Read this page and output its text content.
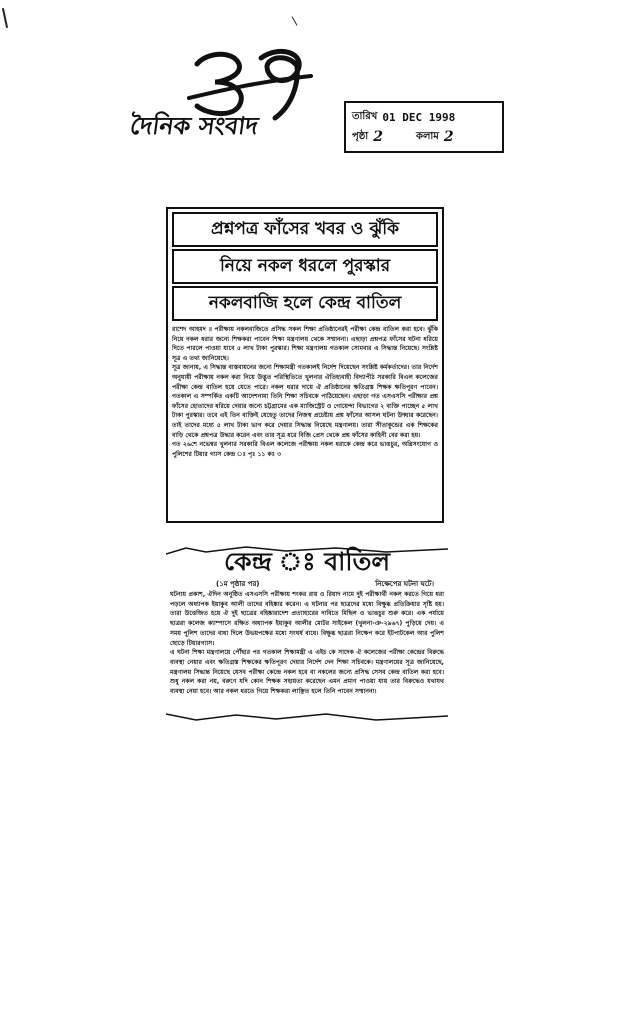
দৈনিক সংবাদ	তারিখ 01 DEC 1998
পৃষ্ঠা 2	কলাম 2
প্রশ্নপত্র ফাঁসের খবর ও ঝুঁকি
নিয়ে নকল ধরলে পুরস্কার
নকলবাজি হলে কেন্দ্র বাতিল

রাশেদ আহমদ ॥ পরীক্ষায় নকলবাজিতে প্রসিদ্ধ সকল শিক্ষা প্রতিষ্ঠানেরই পরীক্ষা কেন্দ্র বাতিল করা হবে। ঝুঁকি নিয়ে নকল ধরার জন্যে শিক্ষকরা পাবেন শিক্ষা মন্ত্রণালয় থেকে সম্মাননা। এছাড়া প্রশ্নপত্র ফাঁসের ঘটনা ধরিয়ে দিতে পারলে পাওয়া যাবে ৫ লাখ টাকা পুরস্কার। শিক্ষা মন্ত্রণালয় গতকাল সোমবার এ সিদ্ধান্ত নিয়েছে। সংশ্লিষ্ট সূত্র এ তথ্য জানিয়েছে।

সূত্র জানায়, এ সিদ্ধান্ত বাস্তবায়নের জন্যে শিক্ষামন্ত্রী গতকালই নির্দেশ দিয়েছেন সংশ্লিষ্ট কর্মকর্তাদের। তার নির্দেশ অনুযায়ী পরীক্ষায় নকল করা নিয়ে উদ্ভূত পরিস্থিতিতে খুলনার ঐতিহ্যবাহী বিদ্যাপীঠ সরকারি বিএল কলেজের পরীক্ষা কেন্দ্র বাতিল হয়ে যেতে পারে। নকল ধরার দায়ে ঐ প্রতিষ্ঠানের ক্ষতিগ্রস্ত শিক্ষক ক্ষতিপূরণ পাবেন। গতকাল এ সম্পর্কিত একটি আদেশনামা তিনি শিক্ষা সচিবকে পাঠিয়েছেন। এছাড়া গত এসএসসি পরীক্ষার প্রশ্ন ফাঁসের হোতাদের ধরিয়ে দেয়ার জন্যে চট্টগ্রামের এক ম্যাজিস্ট্রেট ও গোয়েন্দা বিভাগের ২ ব্যক্তি পাচ্ছেন ৫ লাখ টাকা পুরস্কার। তবে এই তিন ব্যক্তিই যেহেতু তাদের নিজস্ব প্রচেষ্টায় প্রশ্ন ফাঁসের আসল ঘটনা উদ্ঘার করেছেন। তাই তাদের মধ্যে ৫ লাখ টাকা ভাগ করে দেয়ার সিদ্ধান্ত নিয়েছে মন্ত্রণালয়। তারা সীতাকুন্ডের এক শিক্ষকের বাড়ি থেকে প্রশ্নপত্র উদ্ধার করেন এবং তার সূত্র ধরে বিজি প্রেস থেকে প্রশ্ন ফাঁসের কাহিনী বের করা হয়।

গত ২৬শে নভেম্বর খুলনার সরকারি বিএল কলেজে পরীক্ষায় নকল ধরাকে কেন্দ্র করে ভাঙচুর, অগ্নিসংযোগ ও পুলিশের টিয়ার গ্যাস কেন্দ্র ঃ পৃঃ ১১ কঃ ৩

কেন্দ্র ঃ বাতিল
(১ম পৃষ্ঠার পর)	নিক্ষেপের ঘটনা ঘটে।

ঘটনায় প্রকাশ, ঐদিন অনুষ্ঠিত এসএসসি পরীক্ষায় শংকর রায় ও রিয়াদ নামে দুই পরীক্ষার্থী নকল করতে গিয়ে ধরা পড়লে অধ্যাপক ইয়াকুব আলী তাদের বহিষ্কার করেন। এ ঘটনার পর ছাত্রদের মধ্যে বিক্ষুব্ধ প্রতিক্রিয়ার সৃষ্টি হয়। তারা উত্তেজিত হয়ে ঐ দুই ছাত্রের বহিষ্কারাদেশ প্রত্যাহারের দাবিতে মিছিল ও ভাঙচুর শুরু করে। এক পর্যায়ে ছাত্ররা কলেজ ক্যাম্পাসে রক্ষিত অধ্যাপক ইয়াকুব আলীর মোটর সাইকেল (খুলনা-ঞ-২৯৬৭) পুড়িয়ে দেয়। এ সময় পুলিশ তাদের বাধা দিলে উভয়পক্ষের মধ্যে সংঘর্ষ বাধে। বিক্ষুব্ধ ছাত্ররা নিক্ষেপ করে ইটপাটকেল আর পুলিশ ছোড়ে টিয়ারগ্যাস।

এ ঘটনা শিক্ষা মন্ত্রণালয়ে পৌঁছার পর গতকাল শিক্ষামন্ত্রী এ এইচ কে সাদেক ঐ কলেজের পরীক্ষা কেন্দ্রের বিরুদ্ধে ব্যবস্থা নেয়ার এবং ক্ষতিগ্রস্ত শিক্ষকের ক্ষতিপূরণ দেয়ার নির্দেশ দেন শিক্ষা সচিবকে। মন্ত্রণালয়ের সূত্র জানিয়েছে, মন্ত্রণালয় সিদ্ধান্ত নিয়েছে যেসব পরীক্ষা কেন্দ্রে নকল হবে বা নকলের জন্যে প্রসিদ্ধ সেসব কেন্দ্র বাতিল করা হবে। শুধু নকল করা নয়, বরুণে যদি কোন শিক্ষক সহায়তা করেছেন এমন প্রমাণ পাওয়া যায় তার বিরুদ্ধেও যথাযথ ব্যবস্থা নেয়া হবে। আর নকল ধরতে গিয়ে শিক্ষকরা লাঞ্ছিত হলে তিনি পাবেন সম্মাননা।
